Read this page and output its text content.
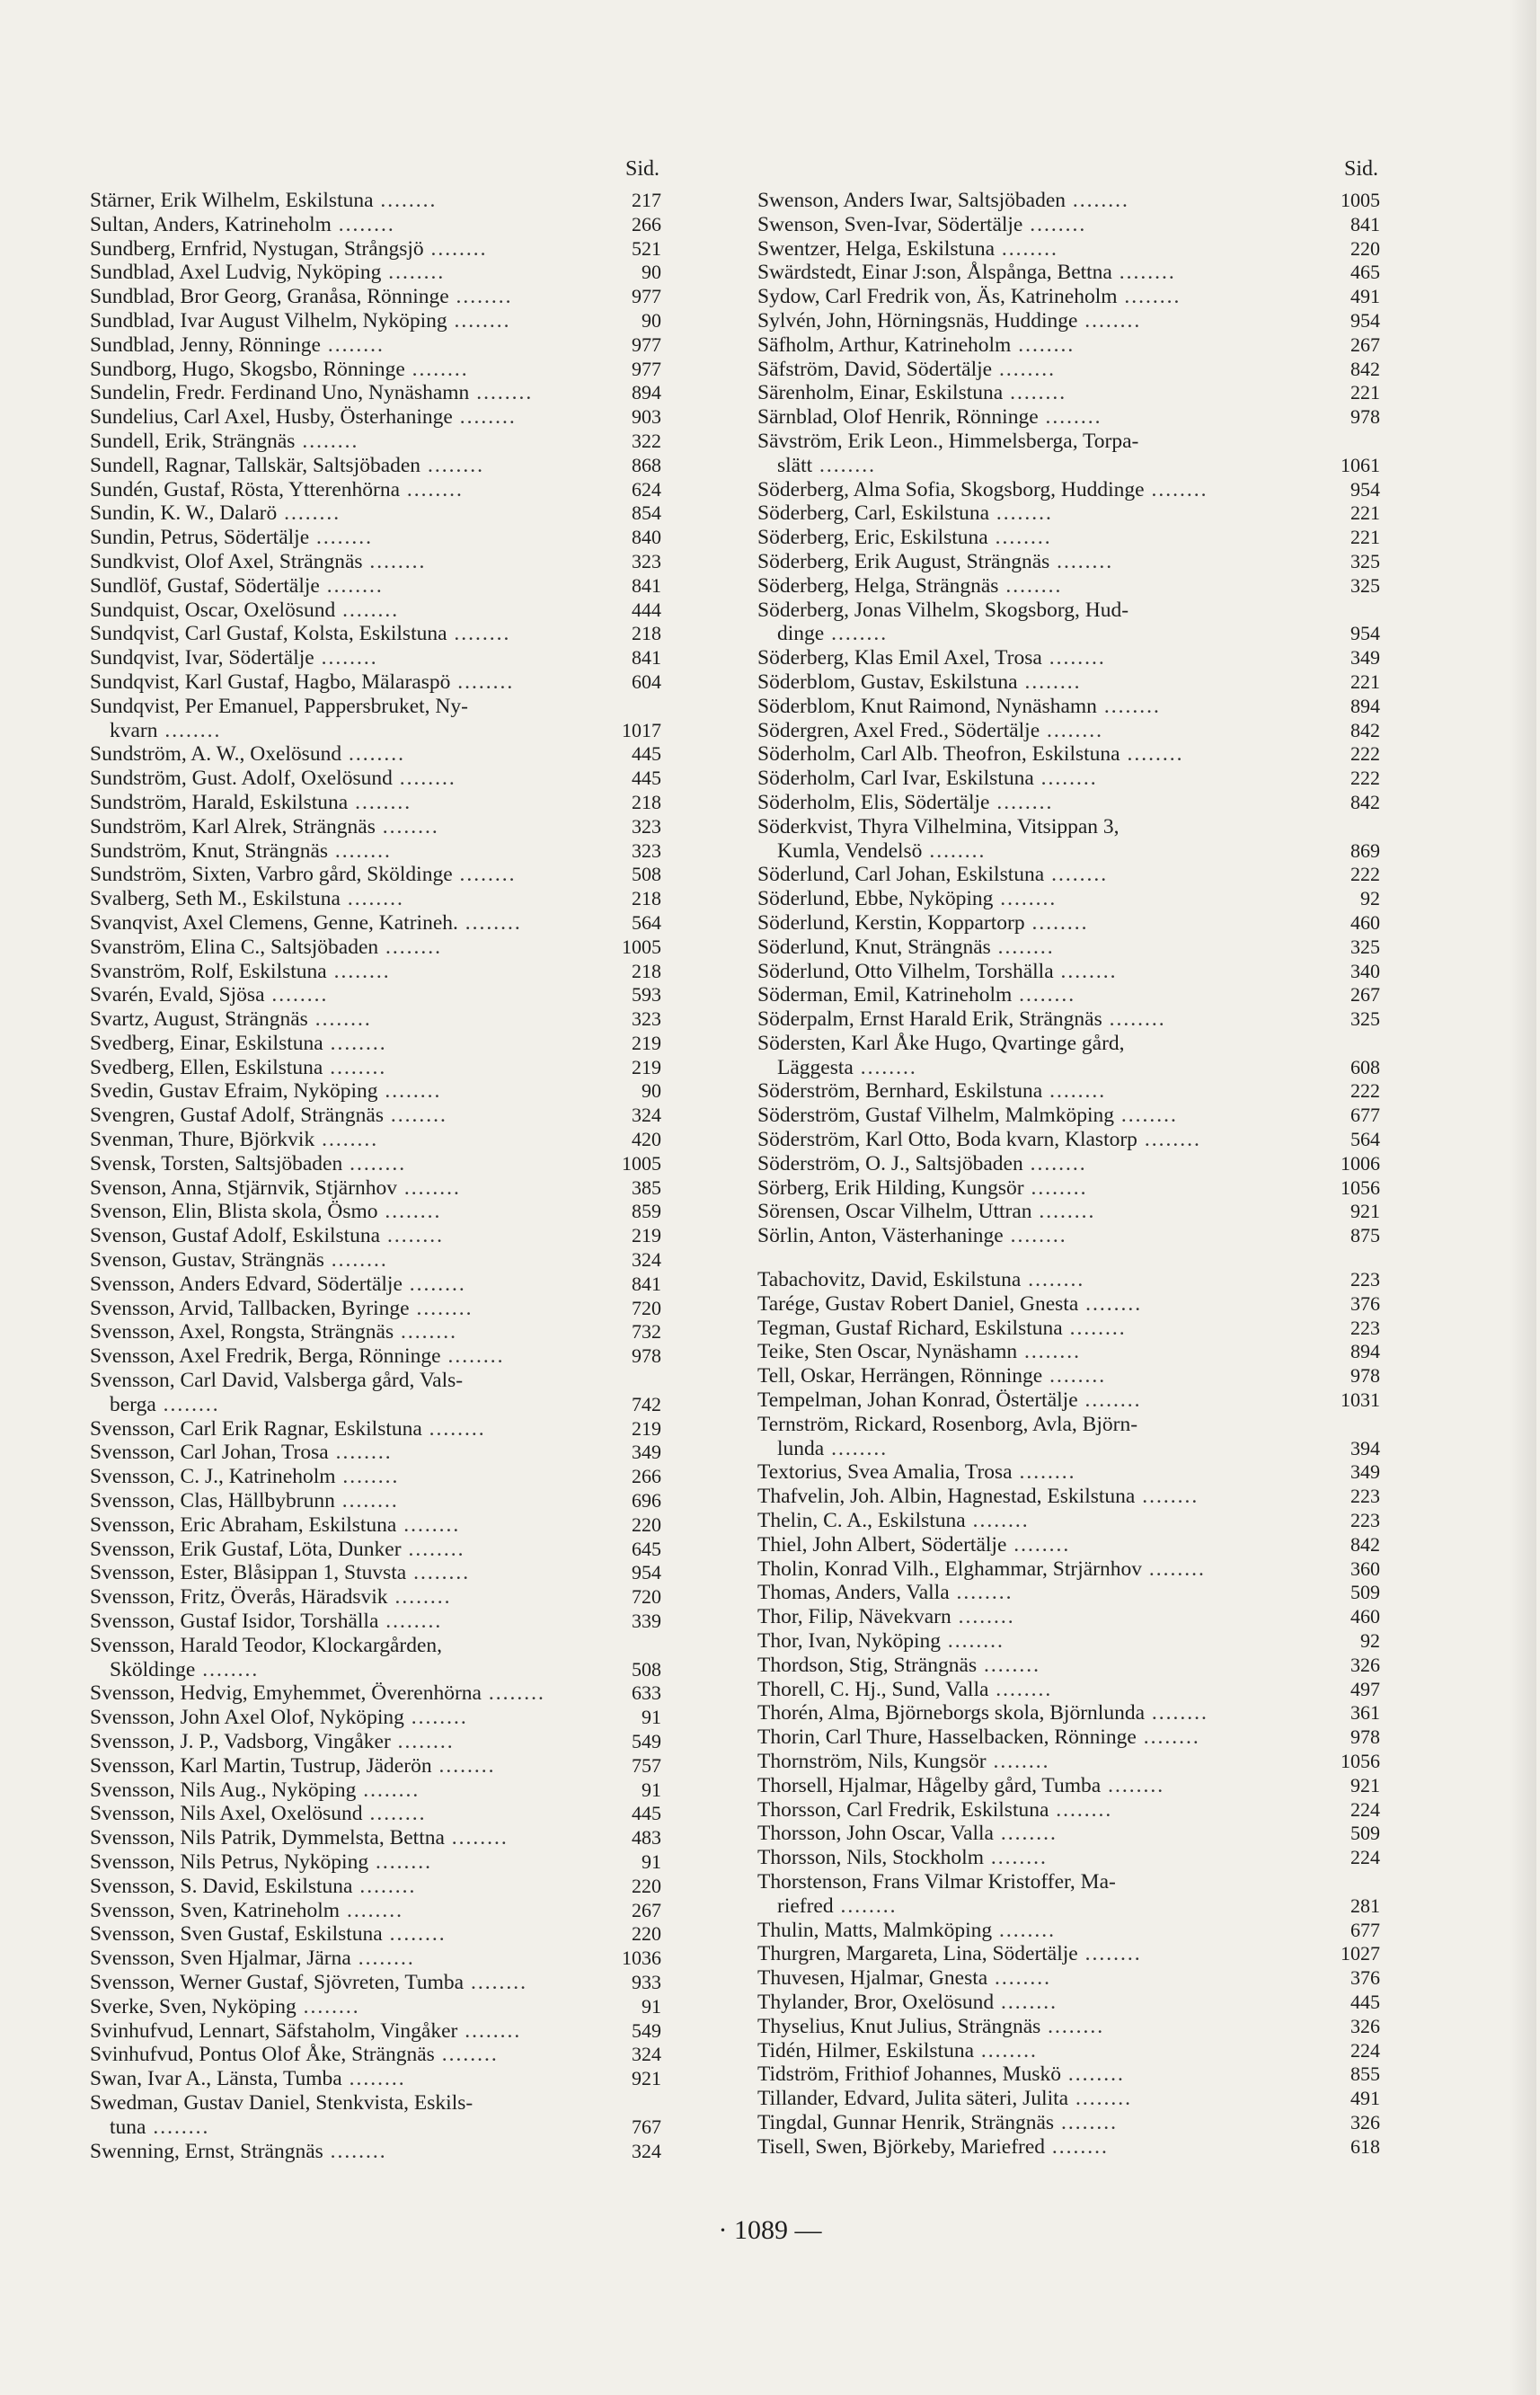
Sid.
Stärner, Erik Wilhelm, Eskilstuna ........	217
Sultan, Anders, Katrineholm ........	266
Sundberg, Ernfrid, Nystugan, Strångsjö ........	521
Sundblad, Axel Ludvig, Nyköping ........	90
Sundblad, Bror Georg, Granåsa, Rönninge ........	977
Sundblad, Ivar August Vilhelm, Nyköping ........	90
Sundblad, Jenny, Rönninge ........	977
Sundborg, Hugo, Skogsbo, Rönninge ........	977
Sundelin, Fredr. Ferdinand Uno, Nynäshamn ........	894
Sundelius, Carl Axel, Husby, Österhaninge ........	903
Sundell, Erik, Strängnäs ........	322
Sundell, Ragnar, Tallskär, Saltsjöbaden ........	868
Sundén, Gustaf, Rösta, Ytterenhörna ........	624
Sundin, K. W., Dalarö ........	854
Sundin, Petrus, Södertälje ........	840
Sundkvist, Olof Axel, Strängnäs ........	323
Sundlöf, Gustaf, Södertälje ........	841
Sundquist, Oscar, Oxelösund ........	444
Sundqvist, Carl Gustaf, Kolsta, Eskilstuna ........	218
Sundqvist, Ivar, Södertälje ........	841
Sundqvist, Karl Gustaf, Hagbo, Mälaraspö ........	604
Sundqvist, Per Emanuel, Pappersbruket, Ny-
kvarn ........	1017
Sundström, A. W., Oxelösund ........	445
Sundström, Gust. Adolf, Oxelösund ........	445
Sundström, Harald, Eskilstuna ........	218
Sundström, Karl Alrek, Strängnäs ........	323
Sundström, Knut, Strängnäs ........	323
Sundström, Sixten, Varbro gård, Sköldinge ........	508
Svalberg, Seth M., Eskilstuna ........	218
Svanqvist, Axel Clemens, Genne, Katrineh. ........	564
Svanström, Elina C., Saltsjöbaden ........	1005
Svanström, Rolf, Eskilstuna ........	218
Svarén, Evald, Sjösa ........	593
Svartz, August, Strängnäs ........	323
Svedberg, Einar, Eskilstuna ........	219
Svedberg, Ellen, Eskilstuna ........	219
Svedin, Gustav Efraim, Nyköping ........	90
Svengren, Gustaf Adolf, Strängnäs ........	324
Svenman, Thure, Björkvik ........	420
Svensk, Torsten, Saltsjöbaden ........	1005
Svenson, Anna, Stjärnvik, Stjärnhov ........	385
Svenson, Elin, Blista skola, Ösmo ........	859
Svenson, Gustaf Adolf, Eskilstuna ........	219
Svenson, Gustav, Strängnäs ........	324
Svensson, Anders Edvard, Södertälje ........	841
Svensson, Arvid, Tallbacken, Byringe ........	720
Svensson, Axel, Rongsta, Strängnäs ........	732
Svensson, Axel Fredrik, Berga, Rönninge ........	978
Svensson, Carl David, Valsberga gård, Vals-
berga ........	742
Svensson, Carl Erik Ragnar, Eskilstuna ........	219
Svensson, Carl Johan, Trosa ........	349
Svensson, C. J., Katrineholm ........	266
Svensson, Clas, Hällbybrunn ........	696
Svensson, Eric Abraham, Eskilstuna ........	220
Svensson, Erik Gustaf, Löta, Dunker ........	645
Svensson, Ester, Blåsippan 1, Stuvsta ........	954
Svensson, Fritz, Överås, Häradsvik ........	720
Svensson, Gustaf Isidor, Torshälla ........	339
Svensson, Harald Teodor, Klockargården,
Sköldinge ........	508
Svensson, Hedvig, Emyhemmet, Överenhörna ........	633
Svensson, John Axel Olof, Nyköping ........	91
Svensson, J. P., Vadsborg, Vingåker ........	549
Svensson, Karl Martin, Tustrup, Jäderön ........	757
Svensson, Nils Aug., Nyköping ........	91
Svensson, Nils Axel, Oxelösund ........	445
Svensson, Nils Patrik, Dymmelsta, Bettna ........	483
Svensson, Nils Petrus, Nyköping ........	91
Svensson, S. David, Eskilstuna ........	220
Svensson, Sven, Katrineholm ........	267
Svensson, Sven Gustaf, Eskilstuna ........	220
Svensson, Sven Hjalmar, Järna ........	1036
Svensson, Werner Gustaf, Sjövreten, Tumba ........	933
Sverke, Sven, Nyköping ........	91
Svinhufvud, Lennart, Säfstaholm, Vingåker ........	549
Svinhufvud, Pontus Olof Åke, Strängnäs ........	324
Swan, Ivar A., Länsta, Tumba ........	921
Swedman, Gustav Daniel, Stenkvista, Eskils-
tuna ........	767
Swenning, Ernst, Strängnäs ........	324
Sid.
Swenson, Anders Iwar, Saltsjöbaden ........	1005
Swenson, Sven-Ivar, Södertälje ........	841
Swentzer, Helga, Eskilstuna ........	220
Swärdstedt, Einar J:son, Ålspånga, Bettna ........	465
Sydow, Carl Fredrik von, Äs, Katrineholm ........	491
Sylvén, John, Hörningsnäs, Huddinge ........	954
Säfholm, Arthur, Katrineholm ........	267
Säfström, David, Södertälje ........	842
Särenholm, Einar, Eskilstuna ........	221
Särnblad, Olof Henrik, Rönninge ........	978
Sävström, Erik Leon., Himmelsberga, Torpa-
slätt ........	1061
Söderberg, Alma Sofia, Skogsborg, Huddinge ........	954
Söderberg, Carl, Eskilstuna ........	221
Söderberg, Eric, Eskilstuna ........	221
Söderberg, Erik August, Strängnäs ........	325
Söderberg, Helga, Strängnäs ........	325
Söderberg, Jonas Vilhelm, Skogsborg, Hud-
dinge ........	954
Söderberg, Klas Emil Axel, Trosa ........	349
Söderblom, Gustav, Eskilstuna ........	221
Söderblom, Knut Raimond, Nynäshamn ........	894
Södergren, Axel Fred., Södertälje ........	842
Söderholm, Carl Alb. Theofron, Eskilstuna ........	222
Söderholm, Carl Ivar, Eskilstuna ........	222
Söderholm, Elis, Södertälje ........	842
Söderkvist, Thyra Vilhelmina, Vitsippan 3,
Kumla, Vendelsö ........	869
Söderlund, Carl Johan, Eskilstuna ........	222
Söderlund, Ebbe, Nyköping ........	92
Söderlund, Kerstin, Koppartorp ........	460
Söderlund, Knut, Strängnäs ........	325
Söderlund, Otto Vilhelm, Torshälla ........	340
Söderman, Emil, Katrineholm ........	267
Söderpalm, Ernst Harald Erik, Strängnäs ........	325
Södersten, Karl Åke Hugo, Qvartinge gård,
Läggesta ........	608
Söderström, Bernhard, Eskilstuna ........	222
Söderström, Gustaf Vilhelm, Malmköping ........	677
Söderström, Karl Otto, Boda kvarn, Klastorp ........	564
Söderström, O. J., Saltsjöbaden ........	1006
Sörberg, Erik Hilding, Kungsör ........	1056
Sörensen, Oscar Vilhelm, Uttran ........	921
Sörlin, Anton, Västerhaninge ........	875
Tabachovitz, David, Eskilstuna ........	223
Tarége, Gustav Robert Daniel, Gnesta ........	376
Tegman, Gustaf Richard, Eskilstuna ........	223
Teike, Sten Oscar, Nynäshamn ........	894
Tell, Oskar, Herrängen, Rönninge ........	978
Tempelman, Johan Konrad, Östertälje ........	1031
Ternström, Rickard, Rosenborg, Avla, Björn-
lunda ........	394
Textorius, Svea Amalia, Trosa ........	349
Thafvelin, Joh. Albin, Hagnestad, Eskilstuna ........	223
Thelin, C. A., Eskilstuna ........	223
Thiel, John Albert, Södertälje ........	842
Tholin, Konrad Vilh., Elghammar, Strjärnhov ........	360
Thomas, Anders, Valla ........	509
Thor, Filip, Nävekvarn ........	460
Thor, Ivan, Nyköping ........	92
Thordson, Stig, Strängnäs ........	326
Thorell, C. Hj., Sund, Valla ........	497
Thorén, Alma, Björneborgs skola, Björnlunda ........	361
Thorin, Carl Thure, Hasselbacken, Rönninge ........	978
Thornström, Nils, Kungsör ........	1056
Thorsell, Hjalmar, Hågelby gård, Tumba ........	921
Thorsson, Carl Fredrik, Eskilstuna ........	224
Thorsson, John Oscar, Valla ........	509
Thorsson, Nils, Stockholm ........	224
Thorstenson, Frans Vilmar Kristoffer, Ma-
riefred ........	281
Thulin, Matts, Malmköping ........	677
Thurgren, Margareta, Lina, Södertälje ........	1027
Thuvesen, Hjalmar, Gnesta ........	376
Thylander, Bror, Oxelösund ........	445
Thyselius, Knut Julius, Strängnäs ........	326
Tidén, Hilmer, Eskilstuna ........	224
Tidström, Frithiof Johannes, Muskö ........	855
Tillander, Edvard, Julita säteri, Julita ........	491
Tingdal, Gunnar Henrik, Strängnäs ........	326
Tisell, Swen, Björkeby, Mariefred ........	618
· 1089 —
